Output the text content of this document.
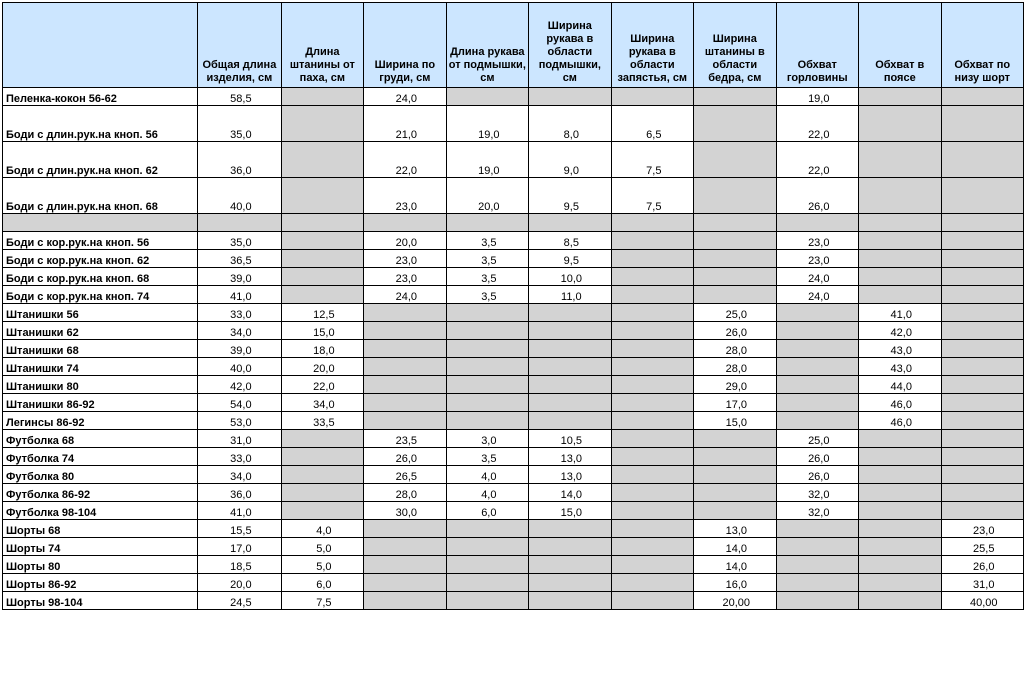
	Общая длина изделия, см	Длина штанины от паха, см	Ширина по груди, см	Длина рукава от подмышки, см	Ширина рукава в области подмышки, см	Ширина рукава в области запястья, см	Ширина штанины в области бедра, см	Обхват горловины	Обхват в поясе	Обхват по низу шорт
Пеленка-кокон 56-62	58,5		24,0					19,0		
Боди с длин.рук.на кноп. 56	35,0		21,0	19,0	8,0	6,5		22,0		
Боди с длин.рук.на кноп. 62	36,0		22,0	19,0	9,0	7,5		22,0		
Боди с длин.рук.на кноп. 68	40,0		23,0	20,0	9,5	7,5		26,0		

Боди с кор.рук.на кноп. 56	35,0		20,0	3,5	8,5			23,0		
Боди с кор.рук.на кноп. 62	36,5		23,0	3,5	9,5			23,0		
Боди с кор.рук.на кноп. 68	39,0		23,0	3,5	10,0			24,0		
Боди с кор.рук.на кноп. 74	41,0		24,0	3,5	11,0			24,0		
Штанишки 56	33,0	12,5					25,0		41,0	
Штанишки 62	34,0	15,0					26,0		42,0	
Штанишки 68	39,0	18,0					28,0		43,0	
Штанишки 74	40,0	20,0					28,0		43,0	
Штанишки 80	42,0	22,0					29,0		44,0	
Штанишки 86-92	54,0	34,0					17,0		46,0	
Легинсы 86-92	53,0	33,5					15,0		46,0	
Футболка 68	31,0		23,5	3,0	10,5			25,0		
Футболка 74	33,0		26,0	3,5	13,0			26,0		
Футболка 80	34,0		26,5	4,0	13,0			26,0		
Футболка 86-92	36,0		28,0	4,0	14,0			32,0		
Футболка 98-104	41,0		30,0	6,0	15,0			32,0		
Шорты 68	15,5	4,0					13,0			23,0
Шорты 74	17,0	5,0					14,0			25,5
Шорты 80	18,5	5,0					14,0			26,0
Шорты 86-92	20,0	6,0					16,0			31,0
Шорты 98-104	24,5	7,5					20,00			40,00
